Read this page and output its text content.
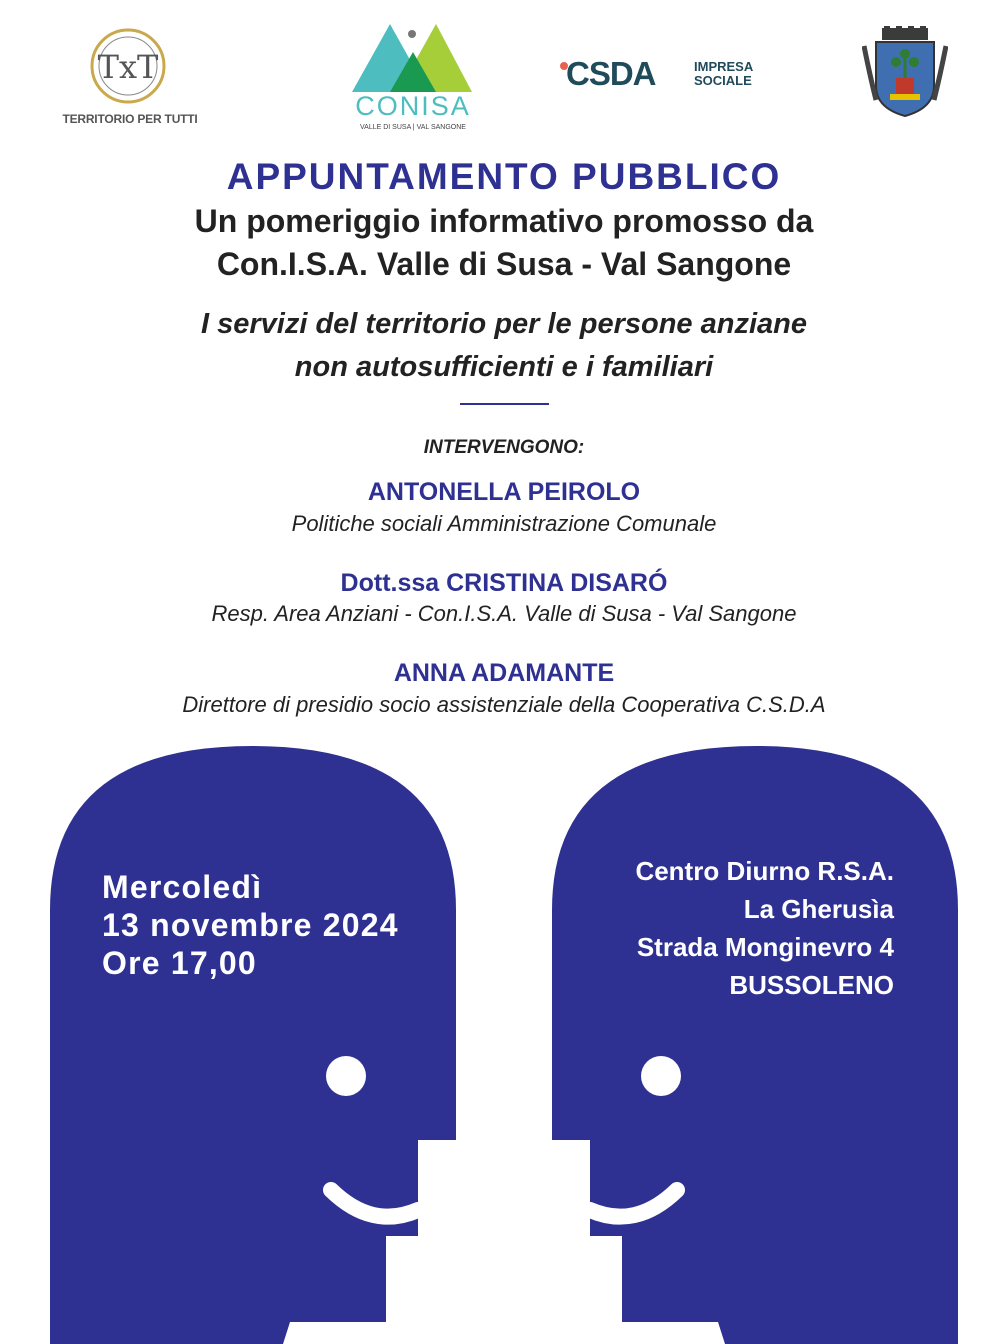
TxT
TERRITORIO PER TUTTI	CONISA
VALLE DI SUSA | VAL SANGONE
CSDA	IMPRESA
SOCIALE
APPUNTAMENTO PUBBLICO
Un pomeriggio informativo promosso da
Con.I.S.A. Valle di Susa - Val Sangone
I servizi del territorio per le persone anziane
non autosufficienti e i familiari
INTERVENGONO:
ANTONELLA PEIROLO
Politiche sociali Amministrazione Comunale
Dott.ssa CRISTINA DISARÓ
Resp. Area Anziani - Con.I.S.A. Valle di Susa - Val Sangone
ANNA ADAMANTE
Direttore di presidio socio assistenziale della Cooperativa C.S.D.A
Mercoledì
13 novembre 2024
Ore 17,00
Centro Diurno R.S.A.
La Gherusìa
Strada Monginevro 4
BUSSOLENO
